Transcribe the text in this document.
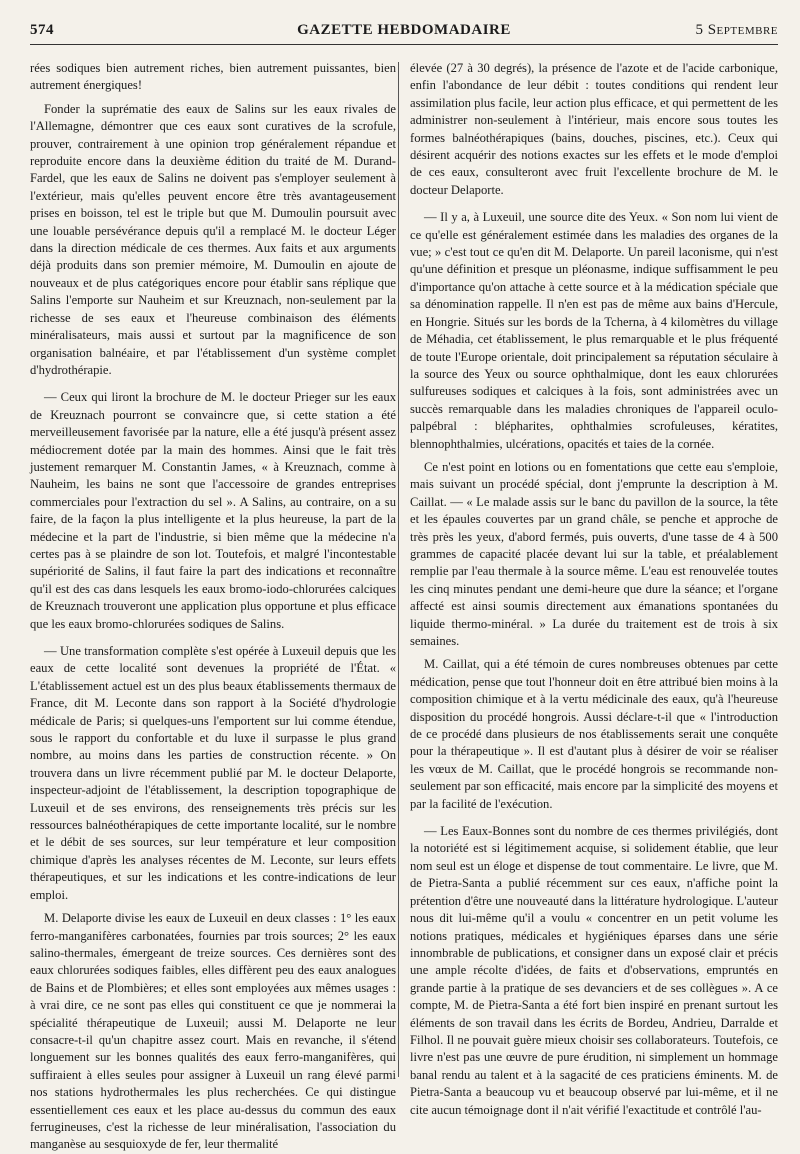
574	GAZETTE HEBDOMADAIRE	5 Septembre

rées sodiques bien autrement riches, bien autrement puissantes, bien autrement énergiques!

Fonder la suprématie des eaux de Salins sur les eaux rivales de l'Allemagne, démontrer que ces eaux sont curatives de la scrofule, prouver, contrairement à une opinion trop généralement répandue et reproduite encore dans la deuxième édition du traité de M. Durand-Fardel, que les eaux de Salins ne doivent pas s'employer seulement à l'extérieur, mais qu'elles peuvent encore être très avantageusement prises en boisson, tel est le triple but que M. Dumoulin poursuit avec une louable persévérance depuis qu'il a remplacé M. le docteur Léger dans la direction médicale de ces thermes. Aux faits et aux arguments déjà produits dans son premier mémoire, M. Dumoulin en ajoute de nouveaux et de plus catégoriques encore pour établir sans réplique que Salins l'emporte sur Nauheim et sur Kreuznach, non-seulement par la richesse de ses eaux et l'heureuse combinaison des éléments minéralisateurs, mais aussi et surtout par la magnificence de son organisation balnéaire, et par l'établissement d'un système complet d'hydrothérapie.

— Ceux qui liront la brochure de M. le docteur Prieger sur les eaux de Kreuznach pourront se convaincre que, si cette station a été merveilleusement favorisée par la nature, elle a été jusqu'à présent assez médiocrement dotée par la main des hommes. Ainsi que le fait très justement remarquer M. Constantin James, « à Kreuznach, comme à Nauheim, les bains ne sont que l'accessoire de grandes entreprises commerciales pour l'extraction du sel ». A Salins, au contraire, on a su faire, de la façon la plus intelligente et la plus heureuse, la part de la médecine et la part de l'industrie, si bien même que la médecine n'a certes pas à se plaindre de son lot. Toutefois, et malgré l'incontestable supériorité de Salins, il faut faire la part des indications et reconnaître qu'il est des cas dans lesquels les eaux bromo-iodo-chlorurées calciques de Kreuznach trouveront une application plus opportune et plus efficace que les eaux bromo-chlorurées sodiques de Salins.

— Une transformation complète s'est opérée à Luxeuil depuis que les eaux de cette localité sont devenues la propriété de l'État. « L'établissement actuel est un des plus beaux établissements thermaux de France, dit M. Leconte dans son rapport à la Société d'hydrologie médicale de Paris; si quelques-uns l'emportent sur lui comme étendue, sous le rapport du confortable et du luxe il surpasse le plus grand nombre, au moins dans les parties de construction récente. » On trouvera dans un livre récemment publié par M. le docteur Delaporte, inspecteur-adjoint de l'établissement, la description topographique de Luxeuil et de ses environs, des renseignements très précis sur les ressources balnéothérapiques de cette importante localité, sur le nombre et le débit de ses sources, sur leur température et leur composition chimique d'après les analyses récentes de M. Leconte, sur leurs effets thérapeutiques, et sur les indications et les contre-indications de leur emploi.

M. Delaporte divise les eaux de Luxeuil en deux classes : 1° les eaux ferro-manganifères carbonatées, fournies par trois sources; 2° les eaux salino-thermales, émergeant de treize sources. Ces dernières sont des eaux chlorurées sodiques faibles, elles diffèrent peu des eaux analogues de Bains et de Plombières; et elles sont employées aux mêmes usages : à vrai dire, ce ne sont pas elles qui constituent ce que je nommerai la spécialité thérapeutique de Luxeuil; aussi M. Delaporte ne leur consacre-t-il qu'un chapitre assez court. Mais en revanche, il s'étend longuement sur les bonnes qualités des eaux ferro-manganifères, qui suffiraient à elles seules pour assigner à Luxeuil un rang élevé parmi nos stations hydrothermales les plus recherchées. Ce qui distingue essentiellement ces eaux et les place au-dessus du commun des eaux ferrugineuses, c'est la richesse de leur minéralisation, l'association du manganèse au sesquioxyde de fer, leur thermalité

élevée (27 à 30 degrés), la présence de l'azote et de l'acide carbonique, enfin l'abondance de leur débit : toutes conditions qui rendent leur assimilation plus facile, leur action plus efficace, et qui permettent de les administrer non-seulement à l'intérieur, mais encore sous toutes les formes balnéothérapiques (bains, douches, piscines, etc.). Ceux qui désirent acquérir des notions exactes sur les effets et le mode d'emploi de ces eaux, consulteront avec fruit l'excellente brochure de M. le docteur Delaporte.

— Il y a, à Luxeuil, une source dite des Yeux. « Son nom lui vient de ce qu'elle est généralement estimée dans les maladies des organes de la vue; » c'est tout ce qu'en dit M. Delaporte. Un pareil laconisme, qui n'est qu'une définition et presque un pléonasme, indique suffisamment le peu d'importance qu'on attache à cette source et à la médication spéciale que sa dénomination rappelle. Il n'en est pas de même aux bains d'Hercule, en Hongrie. Situés sur les bords de la Tcherna, à 4 kilomètres du village de Méhadia, cet établissement, le plus remarquable et le plus fréquenté de toute l'Europe orientale, doit principalement sa réputation séculaire à la source des Yeux ou source ophthalmique, dont les eaux chlorurées sulfureuses sodiques et calciques à la fois, sont administrées avec un succès remarquable dans les maladies chroniques de l'appareil oculo-palpébral : blépharites, ophthalmies scrofuleuses, kératites, blennophthalmies, ulcérations, opacités et taies de la cornée.

Ce n'est point en lotions ou en fomentations que cette eau s'emploie, mais suivant un procédé spécial, dont j'emprunte la description à M. Caillat. — « Le malade assis sur le banc du pavillon de la source, la tête et les épaules couvertes par un grand châle, se penche et approche de très près les yeux, d'abord fermés, puis ouverts, d'une tasse de 4 à 500 grammes de capacité placée devant lui sur la table, et préalablement remplie par l'eau thermale à la source même. L'eau est renouvelée toutes les cinq minutes pendant une demi-heure que dure la séance; et l'organe affecté est ainsi soumis directement aux émanations spontanées du liquide thermo-minéral. » La durée du traitement est de trois à six semaines.

M. Caillat, qui a été témoin de cures nombreuses obtenues par cette médication, pense que tout l'honneur doit en être attribué bien moins à la composition chimique et à la vertu médicinale des eaux, qu'à l'heureuse disposition du procédé hongrois. Aussi déclare-t-il que « l'introduction de ce procédé dans plusieurs de nos établissements serait une conquête pour la thérapeutique ». Il est d'autant plus à désirer de voir se réaliser les vœux de M. Caillat, que le procédé hongrois se recommande non-seulement par son efficacité, mais encore par la simplicité des moyens et par la facilité de l'exécution.

— Les Eaux-Bonnes sont du nombre de ces thermes privilégiés, dont la notoriété est si légitimement acquise, si solidement établie, que leur nom seul est un éloge et dispense de tout commentaire. Le livre, que M. de Pietra-Santa a publié récemment sur ces eaux, n'affiche point la prétention d'être une nouveauté dans la littérature hydrologique. L'auteur nous dit lui-même qu'il a voulu « concentrer en un petit volume les notions pratiques, médicales et hygiéniques éparses dans une série innombrable de publications, et consigner dans un exposé clair et précis une ample récolte d'idées, de faits et d'observations, empruntés en grande partie à la pratique de ses devanciers et de ses collègues ». A ce compte, M. de Pietra-Santa a été fort bien inspiré en prenant surtout les éléments de son travail dans les écrits de Bordeu, Andrieu, Darralde et Filhol. Il ne pouvait guère mieux choisir ses collaborateurs. Toutefois, ce livre n'est pas une œuvre de pure érudition, ni simplement un hommage banal rendu au talent et à la sagacité de ces praticiens éminents. M. de Pietra-Santa a beaucoup vu et beaucoup observé par lui-même, et il ne cite aucun témoignage dont il n'ait vérifié l'exactitude et contrôlé l'au-
